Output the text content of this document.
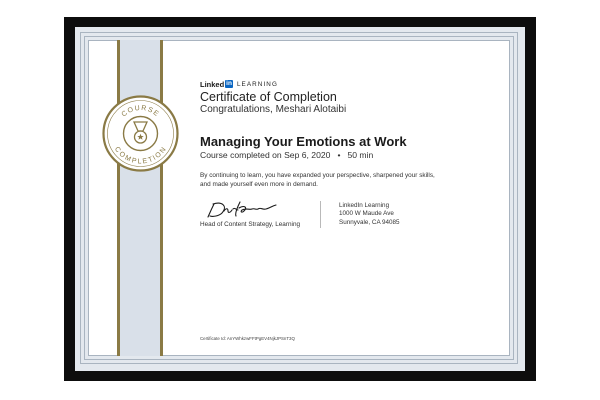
COURSE
COMPLETION
Linked in LEARNING
Certificate of Completion
Congratulations, Meshari Alotaibi
Managing Your Emotions at Work
Course completed on Sep 6, 2020 • 50 min
By continuing to learn, you have expanded your perspective, sharpened your skills, and made yourself even more in demand.
Head of Content Strategy, Learning
LinkedIn Learning
1000 W Maude Ave
Sunnyvale, CA 94085
Certificate Id: AnYWhkzwFFtPgEV4NjkJPSnT3Q
